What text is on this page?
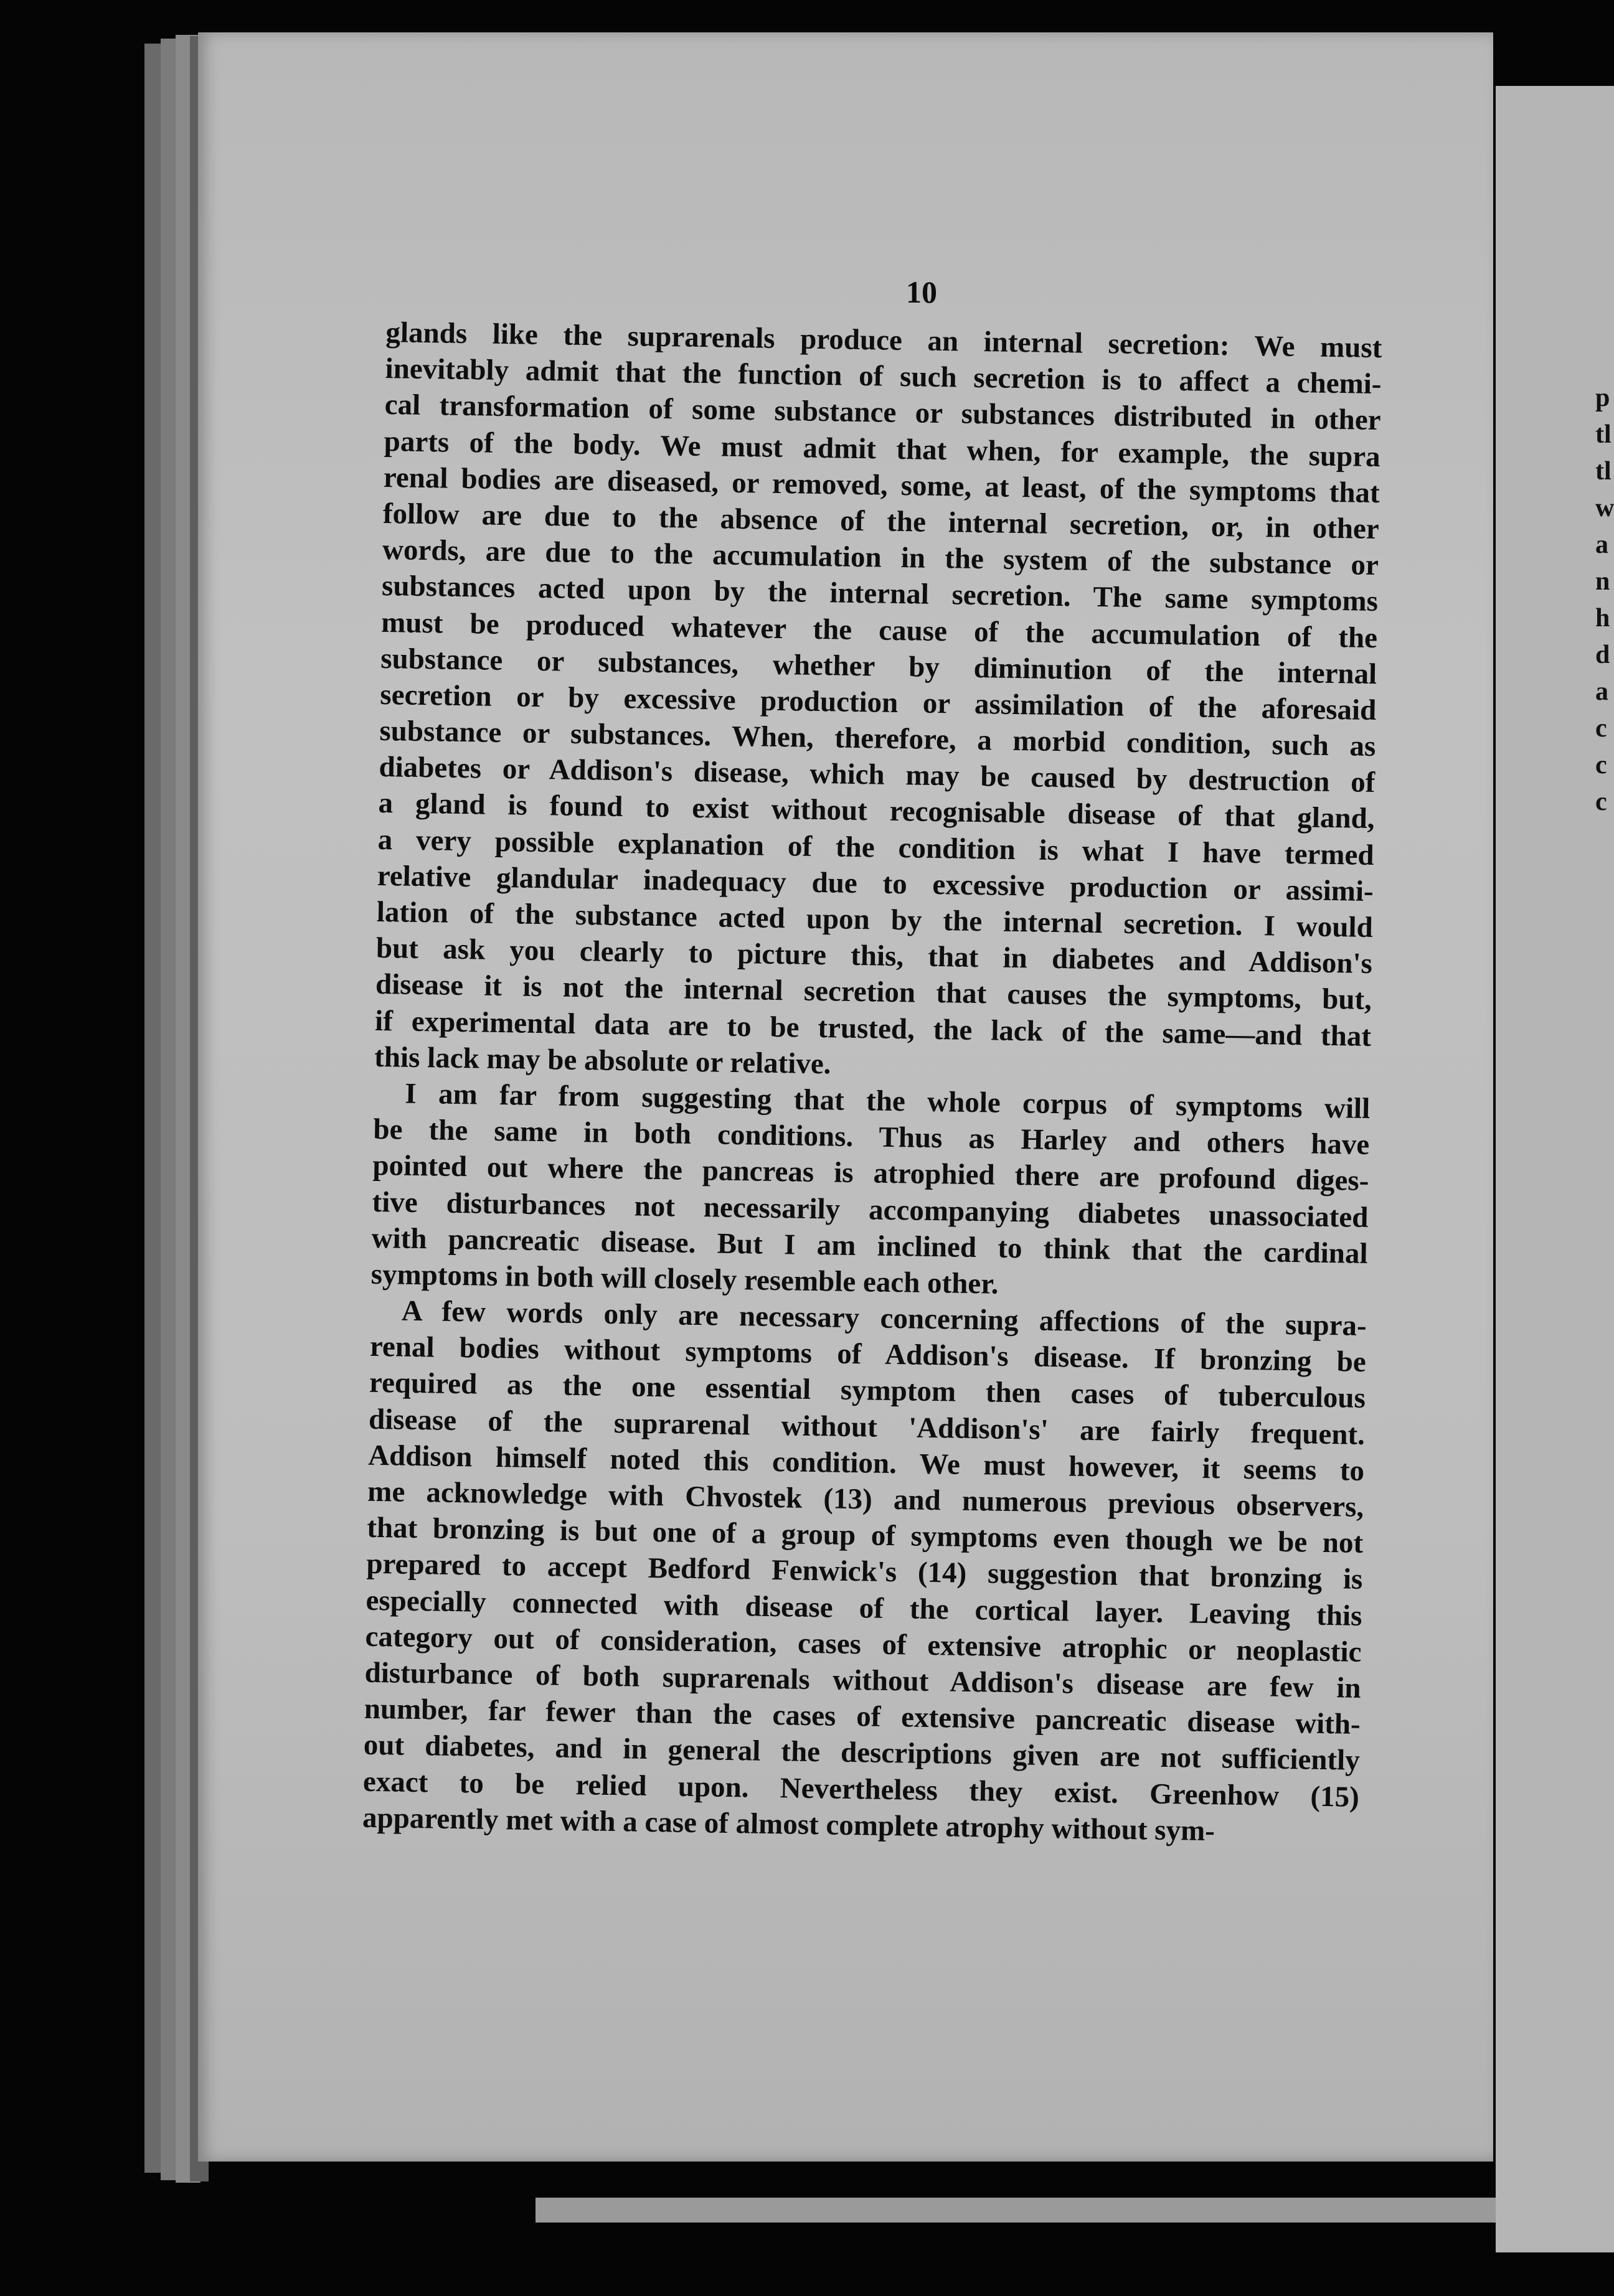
p
tl
tl
w
a
n
h
d
a
c
c
c
10

glands like the suprarenals produce an internal secretion: We must
inevitably admit that the function of such secretion is to affect a chemi-
cal transformation of some substance or substances distributed in other
parts of the body. We must admit that when, for example, the supra
renal bodies are diseased, or removed, some, at least, of the symptoms that
follow are due to the absence of the internal secretion, or, in other
words, are due to the accumulation in the system of the substance or
substances acted upon by the internal secretion. The same symptoms
must be produced whatever the cause of the accumulation of the
substance or substances, whether by diminution of the internal
secretion or by excessive production or assimilation of the aforesaid
substance or substances. When, therefore, a morbid condition, such as
diabetes or Addison's disease, which may be caused by destruction of
a gland is found to exist without recognisable disease of that gland,
a very possible explanation of the condition is what I have termed
relative glandular inadequacy due to excessive production or assimi-
lation of the substance acted upon by the internal secretion. I would
but ask you clearly to picture this, that in diabetes and Addison's
disease it is not the internal secretion that causes the symptoms, but,
if experimental data are to be trusted, the lack of the same—and that
this lack may be absolute or relative.

I am far from suggesting that the whole corpus of symptoms will
be the same in both conditions. Thus as Harley and others have
pointed out where the pancreas is atrophied there are profound diges-
tive disturbances not necessarily accompanying diabetes unassociated
with pancreatic disease. But I am inclined to think that the cardinal
symptoms in both will closely resemble each other.

A few words only are necessary concerning affections of the supra-
renal bodies without symptoms of Addison's disease. If bronzing be
required as the one essential symptom then cases of tuberculous
disease of the suprarenal without 'Addison's' are fairly frequent.
Addison himself noted this condition. We must however, it seems to
me acknowledge with Chvostek (13) and numerous previous observers,
that bronzing is but one of a group of symptoms even though we be not
prepared to accept Bedford Fenwick's (14) suggestion that bronzing is
especially connected with disease of the cortical layer. Leaving this
category out of consideration, cases of extensive atrophic or neoplastic
disturbance of both suprarenals without Addison's disease are few in
number, far fewer than the cases of extensive pancreatic disease with-
out diabetes, and in general the descriptions given are not sufficiently
exact to be relied upon. Nevertheless they exist. Greenhow (15)
apparently met with a case of almost complete atrophy without sym-
